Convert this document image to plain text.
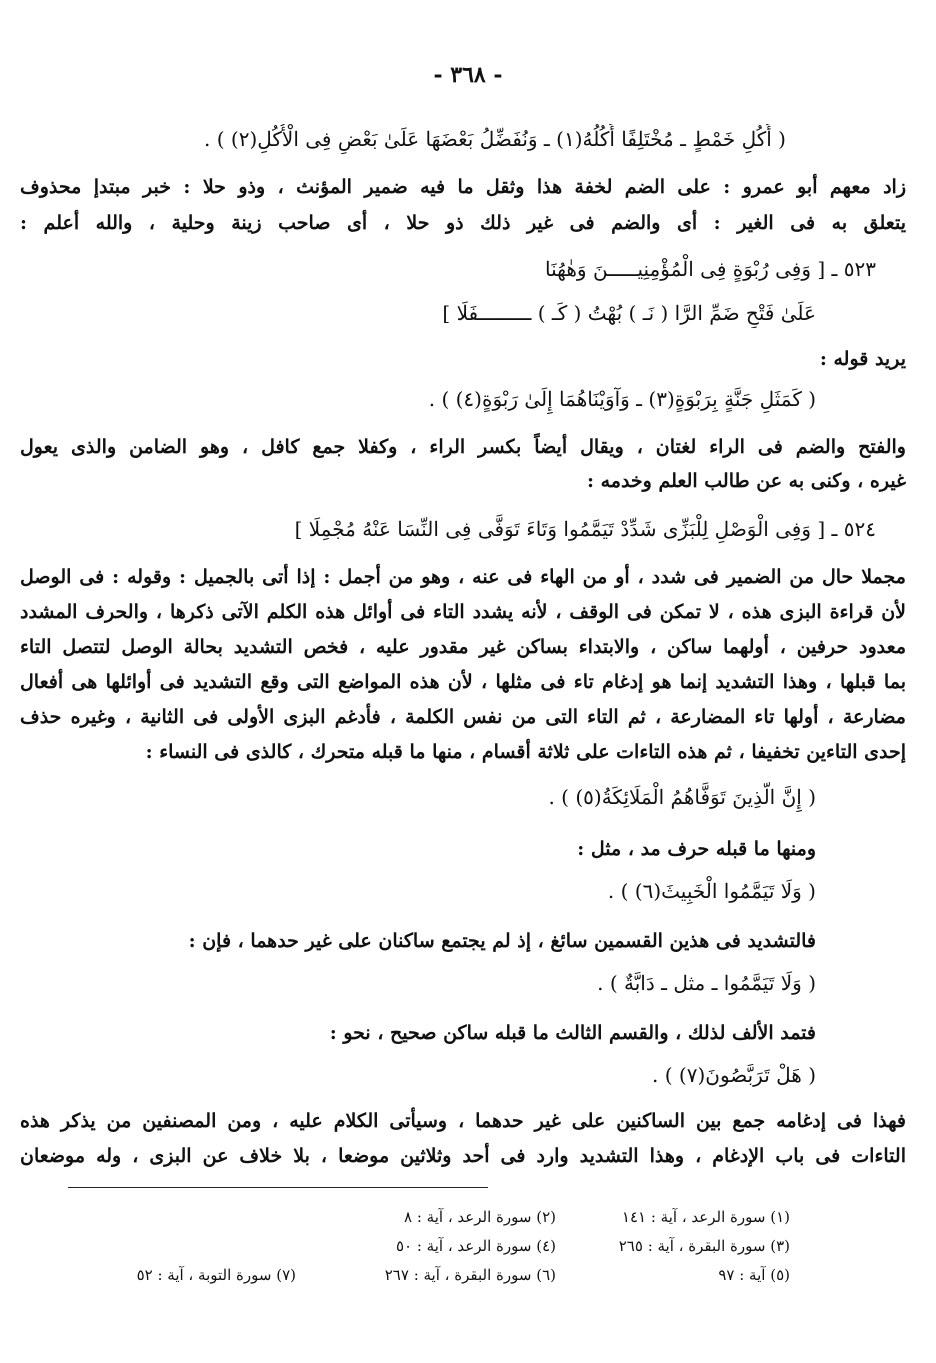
- ٣٦٨ -
( أُكُلِ خَمْطٍ ـ مُخْتَلِفًا أُكُلُهُ(١) ـ وَنُفَضِّلُ بَعْضَهَا عَلَىٰ بَعْضٍ فِى الْأُكُلِ(٢) ) .
زاد معهم أبو عمرو : على الضم لخفة هذا وثقل ما فيه ضمير المؤنث ، وذو حلا : خبر مبتدإ محذوف
يتعلق به فى الغير : أى والضم فى غير ذلك ذو حلا ، أى صاحب زينة وحلية ، والله أعلم :
٥٢٣ ـ [ وَفِى رُبْوَةٍ فِى الْمُؤْمِنِيـــــنَ وَهٰهُنَا
عَلَىٰ فَتْحِ ضَمِّ الرَّا ( نَـ ) بُهْتُ ( كَـ ) ـــــــــفَلَا ]
يريد قوله :
( كَمَثَلِ جَنَّةٍ بِرَبْوَةٍ(٣) ـ وَآوَيْنَاهُمَا إِلَىٰ رَبْوَةٍ(٤) ) .
والفتح والضم فى الراء لغتان ، ويقال أيضاً بكسر الراء ، وكفلا جمع كافل ، وهو الضامن والذى يعول
غيره ، وكنى به عن طالب العلم وخدمه :
٥٢٤ ـ [ وَفِى الْوَصْلِ لِلْبَزِّى شَدِّدْ تَيَمَّمُوا وَتَاءَ تَوَفَّى فِى النِّسَا عَنْهُ مُجْمِلَا ]
مجملا حال من الضمير فى شدد ، أو من الهاء فى عنه ، وهو من أجمل : إذا أتى بالجميل : وقوله : فى الوصل
لأن قراءة البزى هذه ، لا تمكن فى الوقف ، لأنه يشدد التاء فى أوائل هذه الكلم الآتى ذكرها ، والحرف المشدد
معدود حرفين ، أولهما ساكن ، والابتداء بساكن غير مقدور عليه ، فخص التشديد بحالة الوصل لتتصل التاء
بما قبلها ، وهذا التشديد إنما هو إدغام تاء فى مثلها ، لأن هذه المواضع التى وقع التشديد فى أوائلها هى أفعال
مضارعة ، أولها تاء المضارعة ، ثم التاء التى من نفس الكلمة ، فأدغم البزى الأولى فى الثانية ، وغيره حذف
إحدى التاءين تخفيفا ، ثم هذه التاءات على ثلاثة أقسام ، منها ما قبله متحرك ، كالذى فى النساء :
( إِنَّ الَّذِينَ تَوَفَّاهُمُ الْمَلَائِكَةُ(٥) ) .
ومنها ما قبله حرف مد ، مثل :
( وَلَا تَيَمَّمُوا الْخَبِيثَ(٦) ) .
فالتشديد فى هذين القسمين سائغ ، إذ لم يجتمع ساكنان على غير حدهما ، فإن :
( وَلَا تَيَمَّمُوا ـ مثل ـ دَابَّةٌ ) .
فتمد الألف لذلك ، والقسم الثالث ما قبله ساكن صحيح ، نحو :
( هَلْ تَرَبَّصُونَ(٧) ) .
فهذا فى إدغامه جمع بين الساكنين على غير حدهما ، وسيأتى الكلام عليه ، ومن المصنفين من يذكر هذه
التاءات فى باب الإدغام ، وهذا التشديد وارد فى أحد وثلاثين موضعا ، بلا خلاف عن البزى ، وله موضعان
(١) سورة الرعد ، آية : ١٤١
(٢) سورة الرعد ، آية : ٨
(٣) سورة البقرة ، آية : ٢٦٥
(٤) سورة الرعد ، آية : ٥٠
(٥) آية : ٩٧
(٦) سورة البقرة ، آية : ٢٦٧
(٧) سورة التوبة ، آية : ٥٢
